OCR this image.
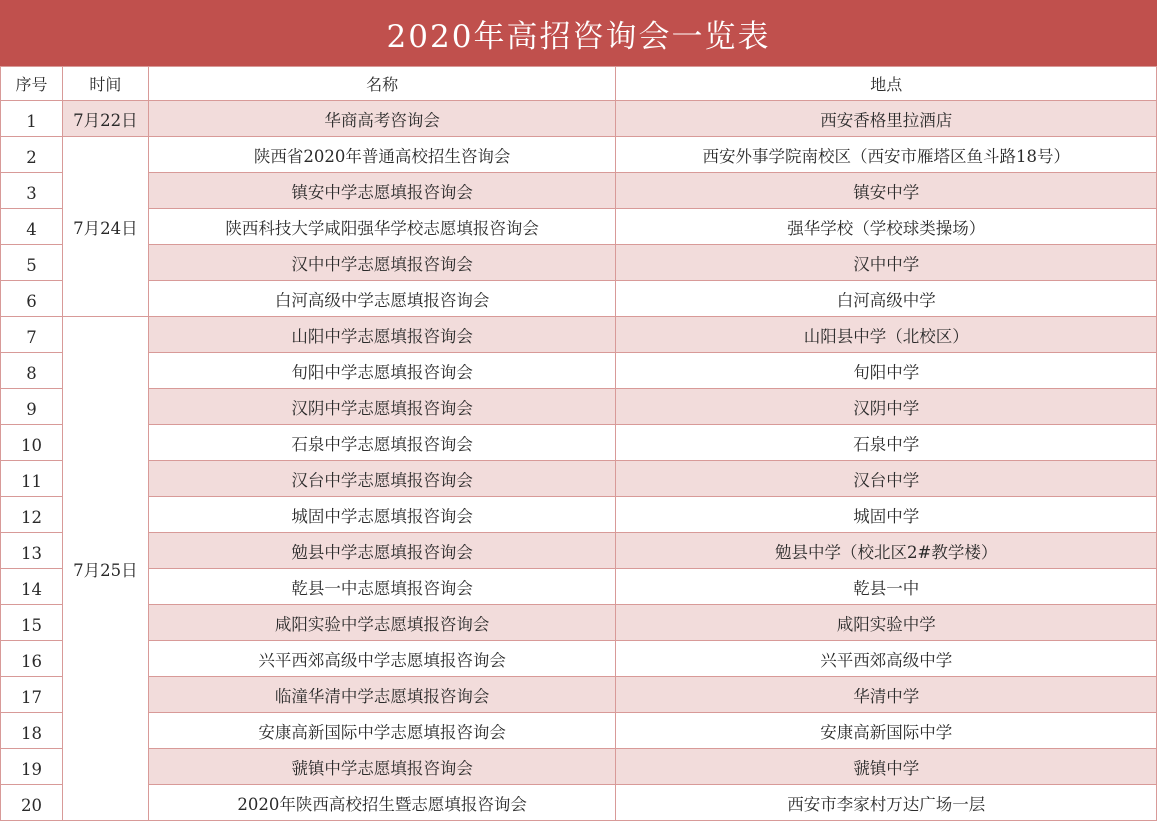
2020年高招咨询会一览表
序号	时间	名称	地点
1	7月22日	华商高考咨询会	西安香格里拉酒店
2	7月24日	陕西省2020年普通高校招生咨询会	西安外事学院南校区（西安市雁塔区鱼斗路18号）
3		镇安中学志愿填报咨询会	镇安中学
4		陕西科技大学咸阳强华学校志愿填报咨询会	强华学校（学校球类操场）
5		汉中中学志愿填报咨询会	汉中中学
6		白河高级中学志愿填报咨询会	白河高级中学
7	7月25日	山阳中学志愿填报咨询会	山阳县中学（北校区）
8		旬阳中学志愿填报咨询会	旬阳中学
9		汉阴中学志愿填报咨询会	汉阴中学
10		石泉中学志愿填报咨询会	石泉中学
11		汉台中学志愿填报咨询会	汉台中学
12		城固中学志愿填报咨询会	城固中学
13		勉县中学志愿填报咨询会	勉县中学（校北区2#教学楼）
14		乾县一中志愿填报咨询会	乾县一中
15		咸阳实验中学志愿填报咨询会	咸阳实验中学
16		兴平西郊高级中学志愿填报咨询会	兴平西郊高级中学
17		临潼华清中学志愿填报咨询会	华清中学
18		安康高新国际中学志愿填报咨询会	安康高新国际中学
19		虢镇中学志愿填报咨询会	虢镇中学
20		2020年陕西高校招生暨志愿填报咨询会	西安市李家村万达广场一层
